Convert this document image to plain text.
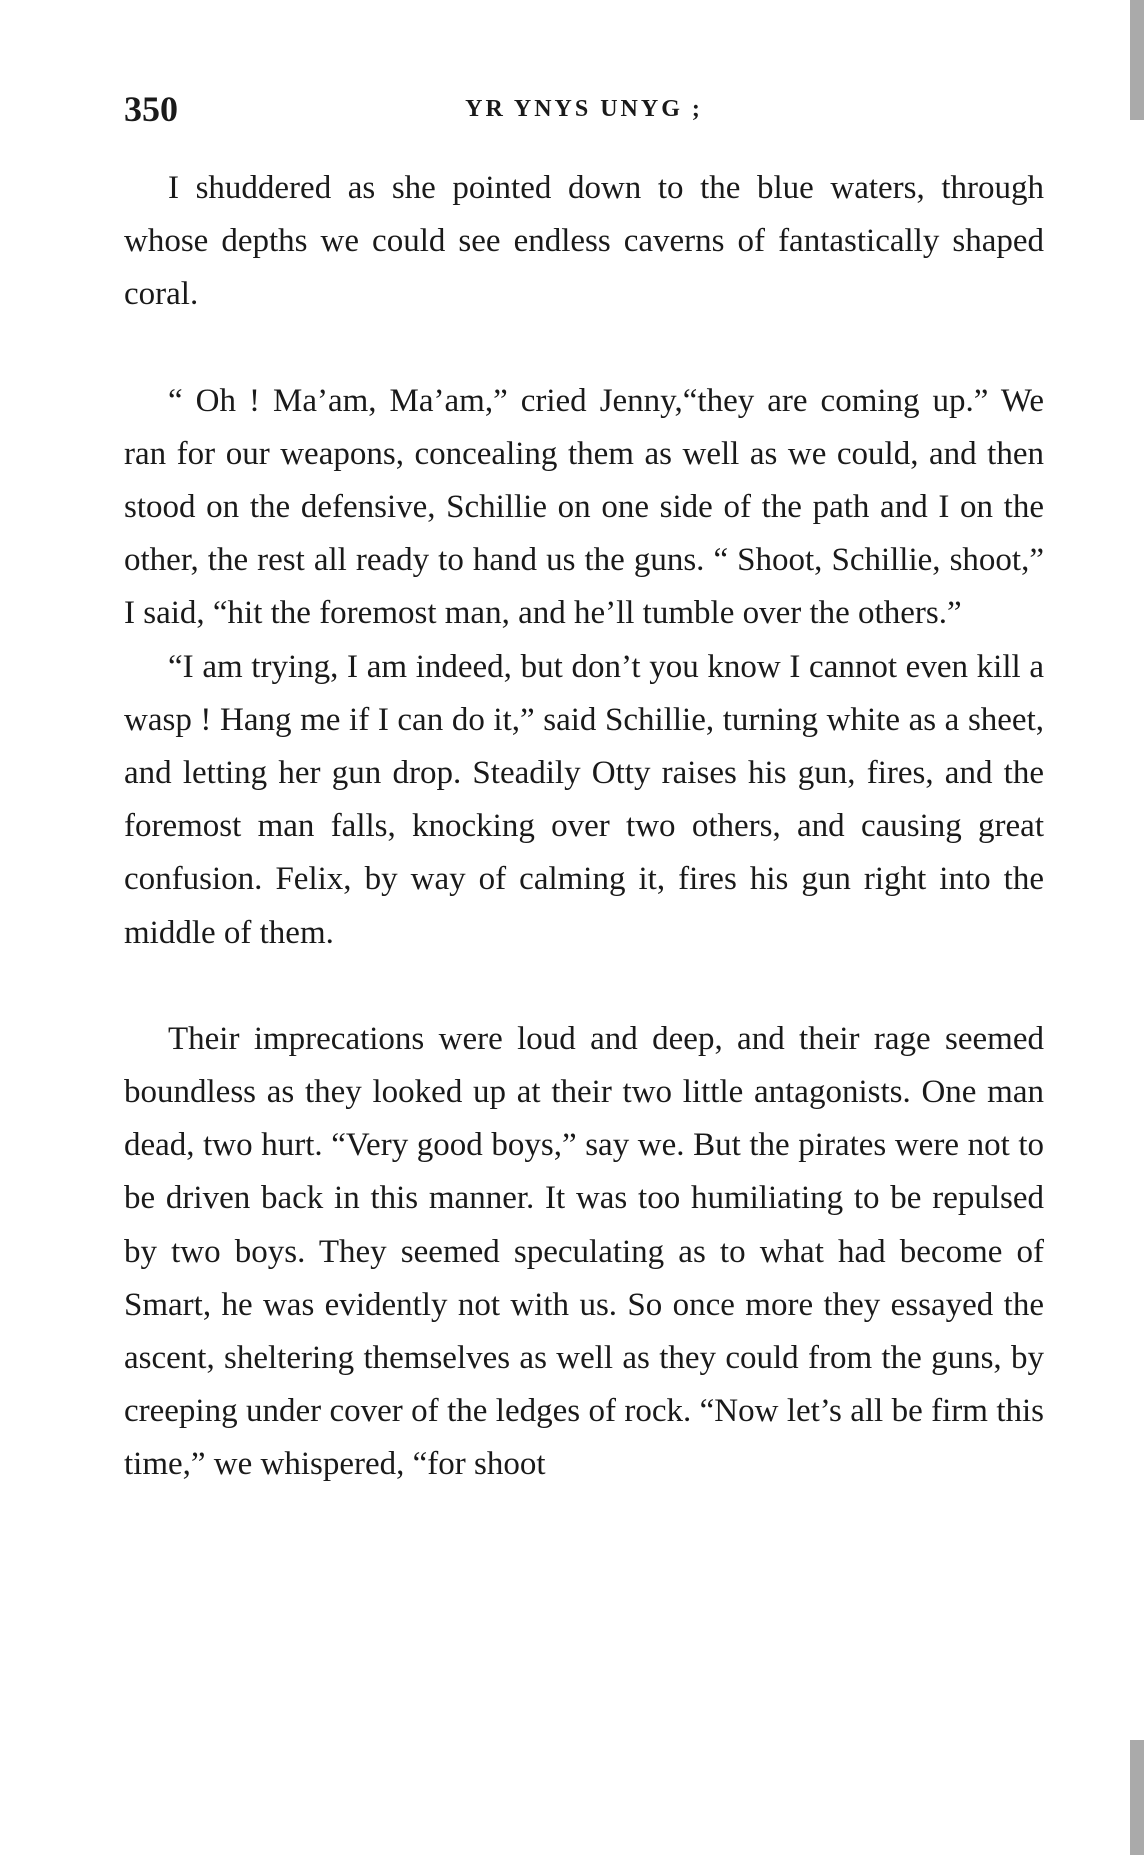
350	YR YNYS UNYG ;

I shuddered as she pointed down to the blue waters, through whose depths we could see endless caverns of fantastically shaped coral.

“ Oh ! Ma’am, Ma’am,” cried Jenny,“they are coming up.” We ran for our weapons, concealing them as well as we could, and then stood on the defensive, Schillie on one side of the path and I on the other, the rest all ready to hand us the guns. “ Shoot, Schillie, shoot,” I said, “hit the foremost man, and he’ll tumble over the others.”

“I am trying, I am indeed, but don’t you know I cannot even kill a wasp ! Hang me if I can do it,” said Schillie, turning white as a sheet, and letting her gun drop. Steadily Otty raises his gun, fires, and the foremost man falls, knocking over two others, and causing great confusion. Felix, by way of calming it, fires his gun right into the middle of them.

Their imprecations were loud and deep, and their rage seemed boundless as they looked up at their two little antagonists. One man dead, two hurt. “Very good boys,” say we. But the pirates were not to be driven back in this manner. It was too humiliating to be repulsed by two boys. They seemed speculating as to what had become of Smart, he was evidently not with us. So once more they essayed the ascent, sheltering themselves as well as they could from the guns, by creeping under cover of the ledges of rock. “Now let’s all be firm this time,” we whispered, “for shoot
